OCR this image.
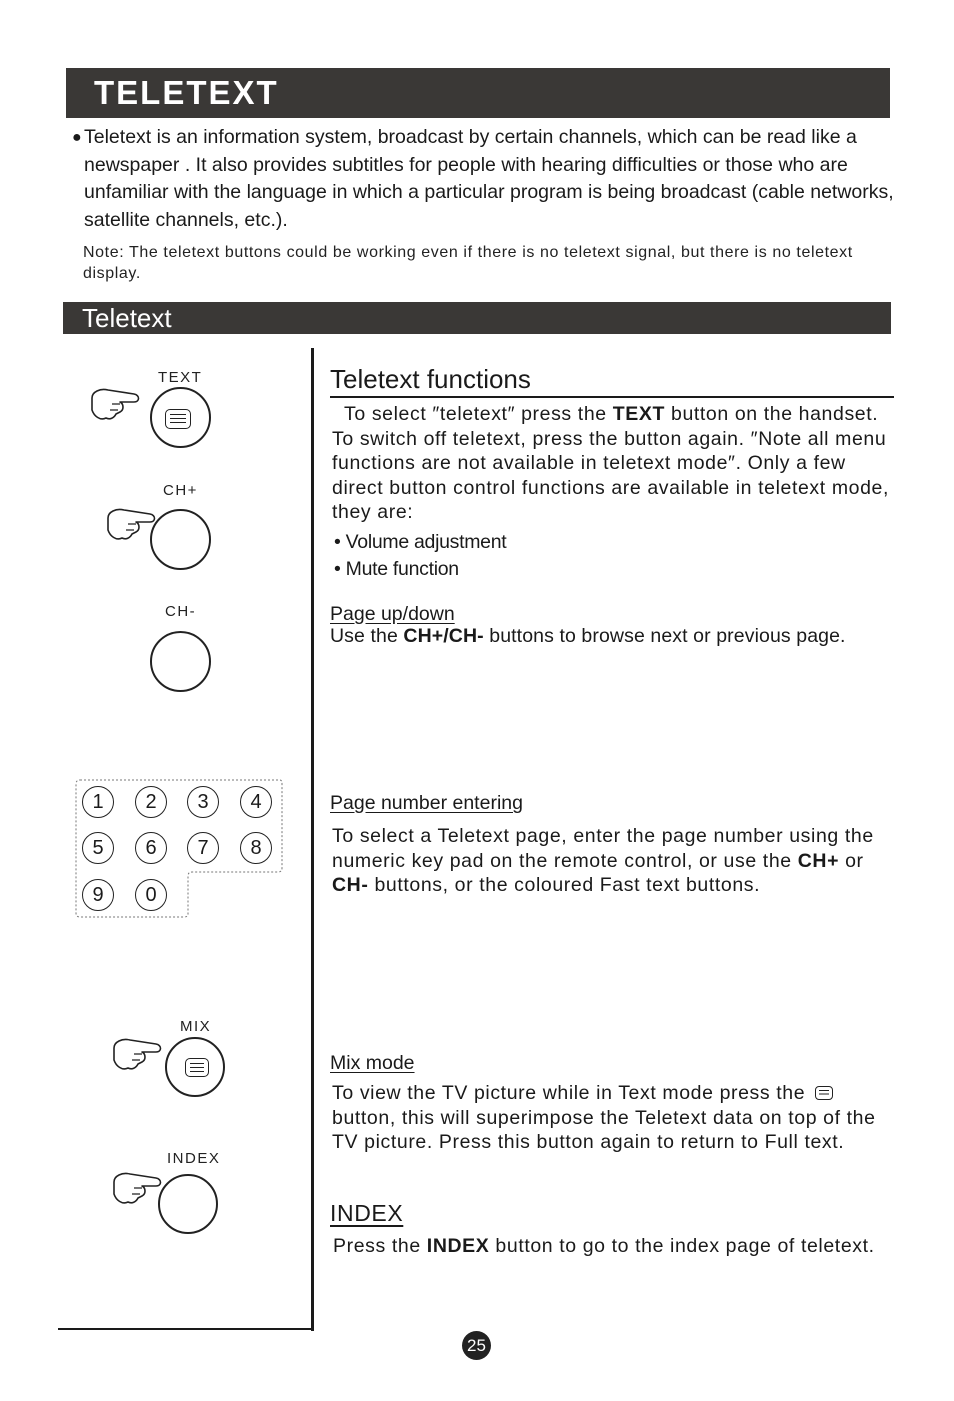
TELETEXT
● Teletext is an information system, broadcast by certain channels, which can be read like a newspaper . It also provides subtitles for people with hearing difficulties or those who are unfamiliar with the language in which a particular program is being broadcast (cable networks, satellite channels, etc.).
Note: The teletext buttons could be working even if there is no teletext signal, but there is no teletext display.
Teletext
TEXT
CH+
CH-
1 2 3 4
5 6 7 8
9 0
MIX
INDEX
Teletext functions
To select ″teletext″ press the TEXT button on the handset. To switch off teletext, press the button again. ″Note all menu functions are not available in teletext mode″. Only a few direct button control functions are available in teletext mode, they are:
• Volume adjustment
• Mute function
Page up/down
Use the CH+/CH- buttons to browse next or previous page.
Page number entering
To select a Teletext page, enter the page number using the numeric key pad on the remote control, or use the CH+ or CH- buttons, or the coloured Fast text buttons.
Mix mode
To view the TV picture while in Text mode press the  button, this will superimpose the Teletext data on top of the TV picture. Press this button again to return to Full text.
INDEX
Press the INDEX button to go to the index page of teletext.
25
